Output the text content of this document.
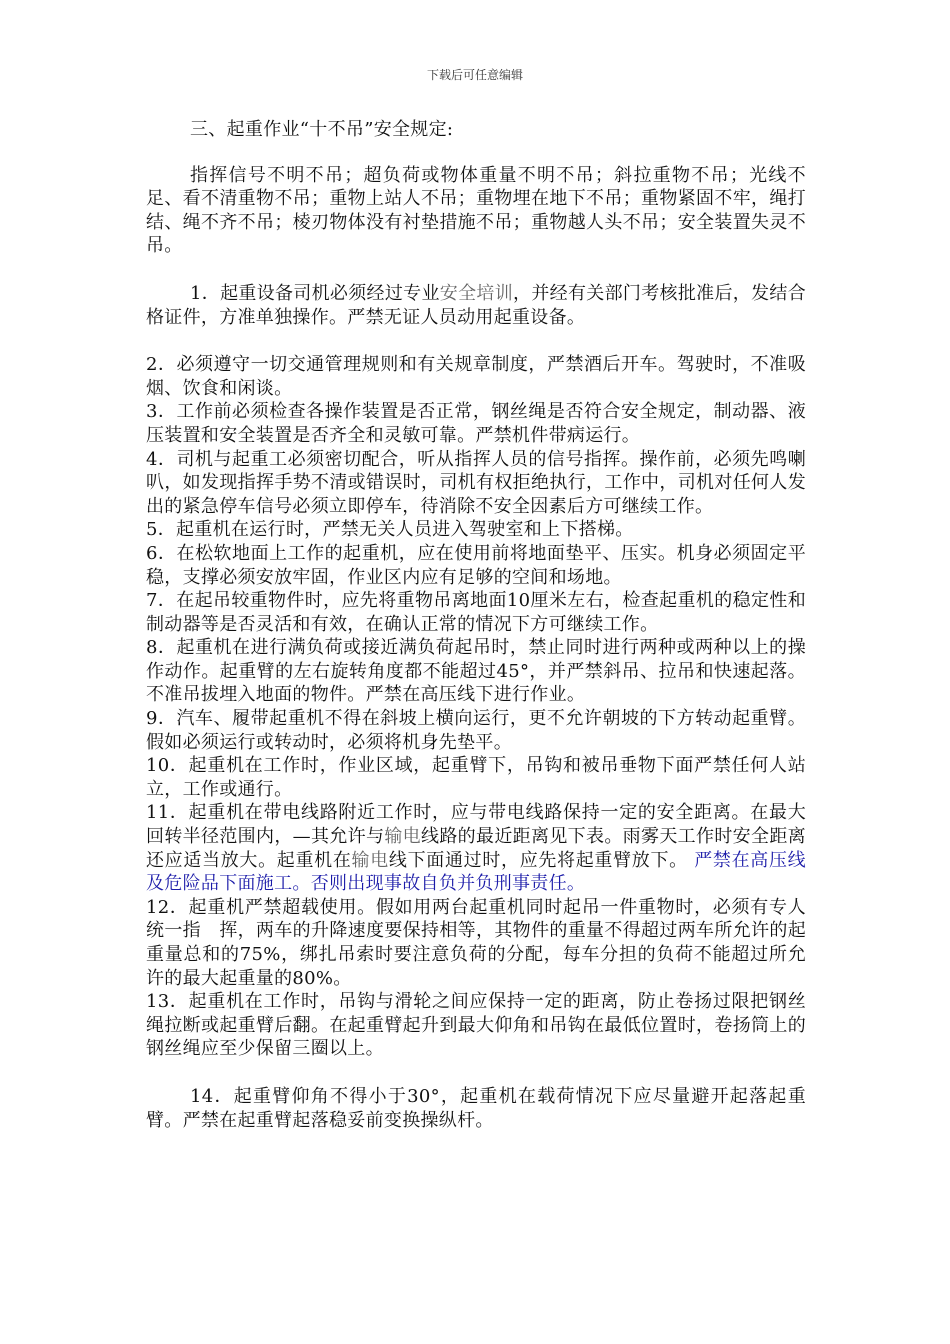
下载后可任意编辑

三、起重作业“十不吊”安全规定:

指挥信号不明不吊；超负荷或物体重量不明不吊；斜拉重物不吊；光线不足、看不清重物不吊；重物上站人不吊；重物埋在地下不吊；重物紧固不牢，绳打结、绳不齐不吊；棱刃物体没有衬垫措施不吊；重物越人头不吊；安全装置失灵不吊。

1．起重设备司机必须经过专业安全培训，并经有关部门考核批准后，发结合格证件，方准单独操作。严禁无证人员动用起重设备。

2．必须遵守一切交通管理规则和有关规章制度，严禁酒后开车。驾驶时，不准吸烟、饮食和闲谈。

3．工作前必须检查各操作装置是否正常，钢丝绳是否符合安全规定，制动器、液压装置和安全装置是否齐全和灵敏可靠。严禁机件带病运行。

4．司机与起重工必须密切配合，听从指挥人员的信号指挥。操作前，必须先鸣喇叭，如发现指挥手势不清或错误时，司机有权拒绝执行，工作中，司机对任何人发出的紧急停车信号必须立即停车，待消除不安全因素后方可继续工作。

5．起重机在运行时，严禁无关人员进入驾驶室和上下搭梯。

6．在松软地面上工作的起重机，应在使用前将地面垫平、压实。机身必须固定平稳，支撑必须安放牢固，作业区内应有足够的空间和场地。

7．在起吊较重物件时，应先将重物吊离地面10厘米左右，检查起重机的稳定性和制动器等是否灵活和有效，在确认正常的情况下方可继续工作。

8．起重机在进行满负荷或接近满负荷起吊时，禁止同时进行两种或两种以上的操作动作。起重臂的左右旋转角度都不能超过45°，并严禁斜吊、拉吊和快速起落。不准吊拔埋入地面的物件。严禁在高压线下进行作业。

9．汽车、履带起重机不得在斜坡上横向运行，更不允许朝坡的下方转动起重臂。假如必须运行或转动时，必须将机身先垫平。

10．起重机在工作时，作业区域，起重臂下，吊钩和被吊垂物下面严禁任何人站立，工作或通行。

11．起重机在带电线路附近工作时，应与带电线路保持一定的安全距离。在最大回转半径范围内，—其允许与输电线路的最近距离见下表。雨雾天工作时安全距离还应适当放大。起重机在输电线下面通过时，应先将起重臂放下。 严禁在高压线及危险品下面施工。否则出现事故自负并负刑事责任。

12．起重机严禁超载使用。假如用两台起重机同时起吊一件重物时，必须有专人统一指　挥，两车的升降速度要保持相等，其物件的重量不得超过两车所允许的起重量总和的75%，绑扎吊索时要注意负荷的分配，每车分担的负荷不能超过所允许的最大起重量的80%。

13．起重机在工作时，吊钩与滑轮之间应保持一定的距离，防止卷扬过限把钢丝绳拉断或起重臂后翻。在起重臂起升到最大仰角和吊钩在最低位置时，卷扬筒上的钢丝绳应至少保留三圈以上。

14．起重臂仰角不得小于30°，起重机在载荷情况下应尽量避开起落起重臂。严禁在起重臂起落稳妥前变换操纵杆。
